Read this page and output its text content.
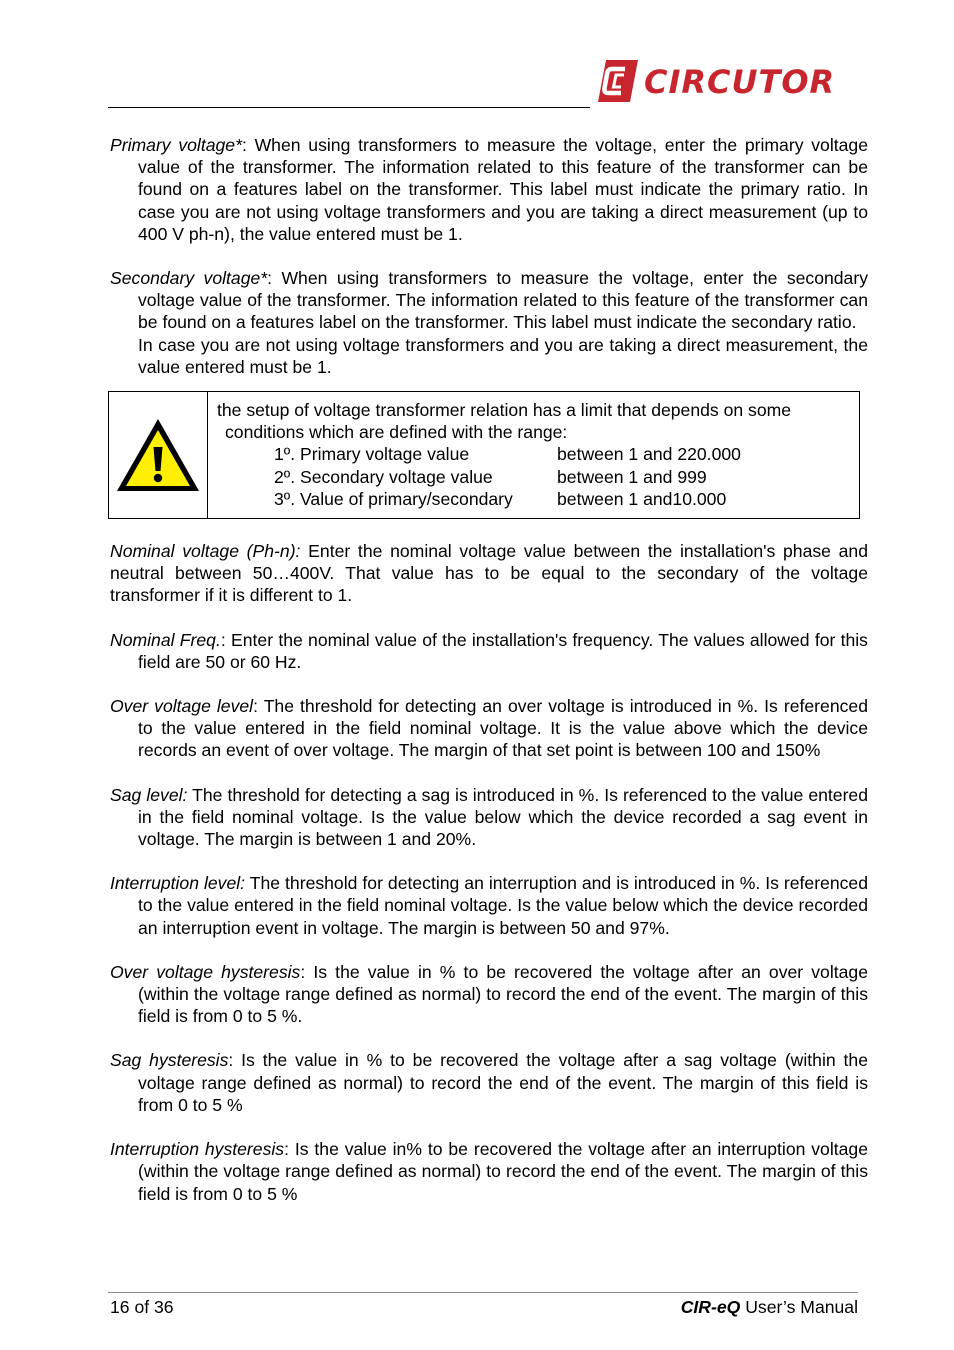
CIRCUTOR

Primary voltage*: When using transformers to measure the voltage, enter the primary voltage value of the transformer. The information related to this feature of the transformer can be found on a features label on the transformer. This label must indicate the primary ratio. In case you are not using voltage transformers and you are taking a direct measurement (up to 400 V ph-n), the value entered must be 1.

Secondary voltage*: When using transformers to measure the voltage, enter the secondary voltage value of the transformer. The information related to this feature of the transformer can be found on a features label on the transformer. This label must indicate the secondary ratio.
In case you are not using voltage transformers and you are taking a direct measurement, the value entered must be 1.

the setup of voltage transformer relation has a limit that depends on some
conditions which are defined with the range:
1º. Primary voltage value	between 1 and 220.000
2º. Secondary voltage value	between 1 and 999
3º. Value of primary/secondary	between 1 and10.000

Nominal voltage (Ph-n): Enter the nominal voltage value between the installation's phase and neutral between 50…400V. That value has to be equal to the secondary of the voltage transformer if it is different to 1.

Nominal Freq.: Enter the nominal value of the installation's frequency. The values allowed for this field are 50 or 60 Hz.

Over voltage level: The threshold for detecting an over voltage is introduced in %. Is referenced to the value entered in the field nominal voltage. It is the value above which the device records an event of over voltage. The margin of that set point is between 100 and 150%

Sag level: The threshold for detecting a sag is introduced in %. Is referenced to the value entered in the field nominal voltage. Is the value below which the device recorded a sag event in voltage. The margin is between 1 and 20%.

Interruption level: The threshold for detecting an interruption and is introduced in %. Is referenced to the value entered in the field nominal voltage. Is the value below which the device recorded an interruption event in voltage. The margin is between 50 and 97%.

Over voltage hysteresis: Is the value in % to be recovered the voltage after an over voltage (within the voltage range defined as normal) to record the end of the event. The margin of this field is from 0 to 5 %.

Sag hysteresis: Is the value in % to be recovered the voltage after a sag voltage (within the voltage range defined as normal) to record the end of the event. The margin of this field is from 0 to 5 %

Interruption hysteresis: Is the value in% to be recovered the voltage after an interruption voltage (within the voltage range defined as normal) to record the end of the event. The margin of this field is from 0 to 5 %

16 of 36	CIR-eQ User’s Manual
